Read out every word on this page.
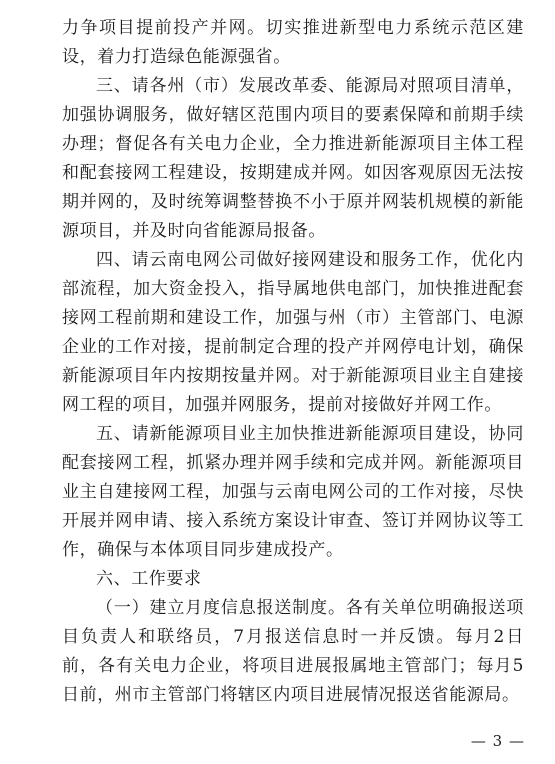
力争项目提前投产并网。切实推进新型电力系统示范区建设，着力打造绿色能源强省。

三、请各州（市）发展改革委、能源局对照项目清单，加强协调服务，做好辖区范围内项目的要素保障和前期手续办理；督促各有关电力企业，全力推进新能源项目主体工程和配套接网工程建设，按期建成并网。如因客观原因无法按期并网的，及时统筹调整替换不小于原并网装机规模的新能源项目，并及时向省能源局报备。

四、请云南电网公司做好接网建设和服务工作，优化内部流程，加大资金投入，指导属地供电部门，加快推进配套接网工程前期和建设工作，加强与州（市）主管部门、电源企业的工作对接，提前制定合理的投产并网停电计划，确保新能源项目年内按期按量并网。对于新能源项目业主自建接网工程的项目，加强并网服务，提前对接做好并网工作。

五、请新能源项目业主加快推进新能源项目建设，协同配套接网工程，抓紧办理并网手续和完成并网。新能源项目业主自建接网工程，加强与云南电网公司的工作对接，尽快开展并网申请、接入系统方案设计审查、签订并网协议等工作，确保与本体项目同步建成投产。

六、工作要求

（一）建立月度信息报送制度。各有关单位明确报送项目负责人和联络员，7月报送信息时一并反馈。每月2日前，各有关电力企业，将项目进展报属地主管部门；每月5日前，州市主管部门将辖区内项目进展情况报送省能源局。

— 3 —
